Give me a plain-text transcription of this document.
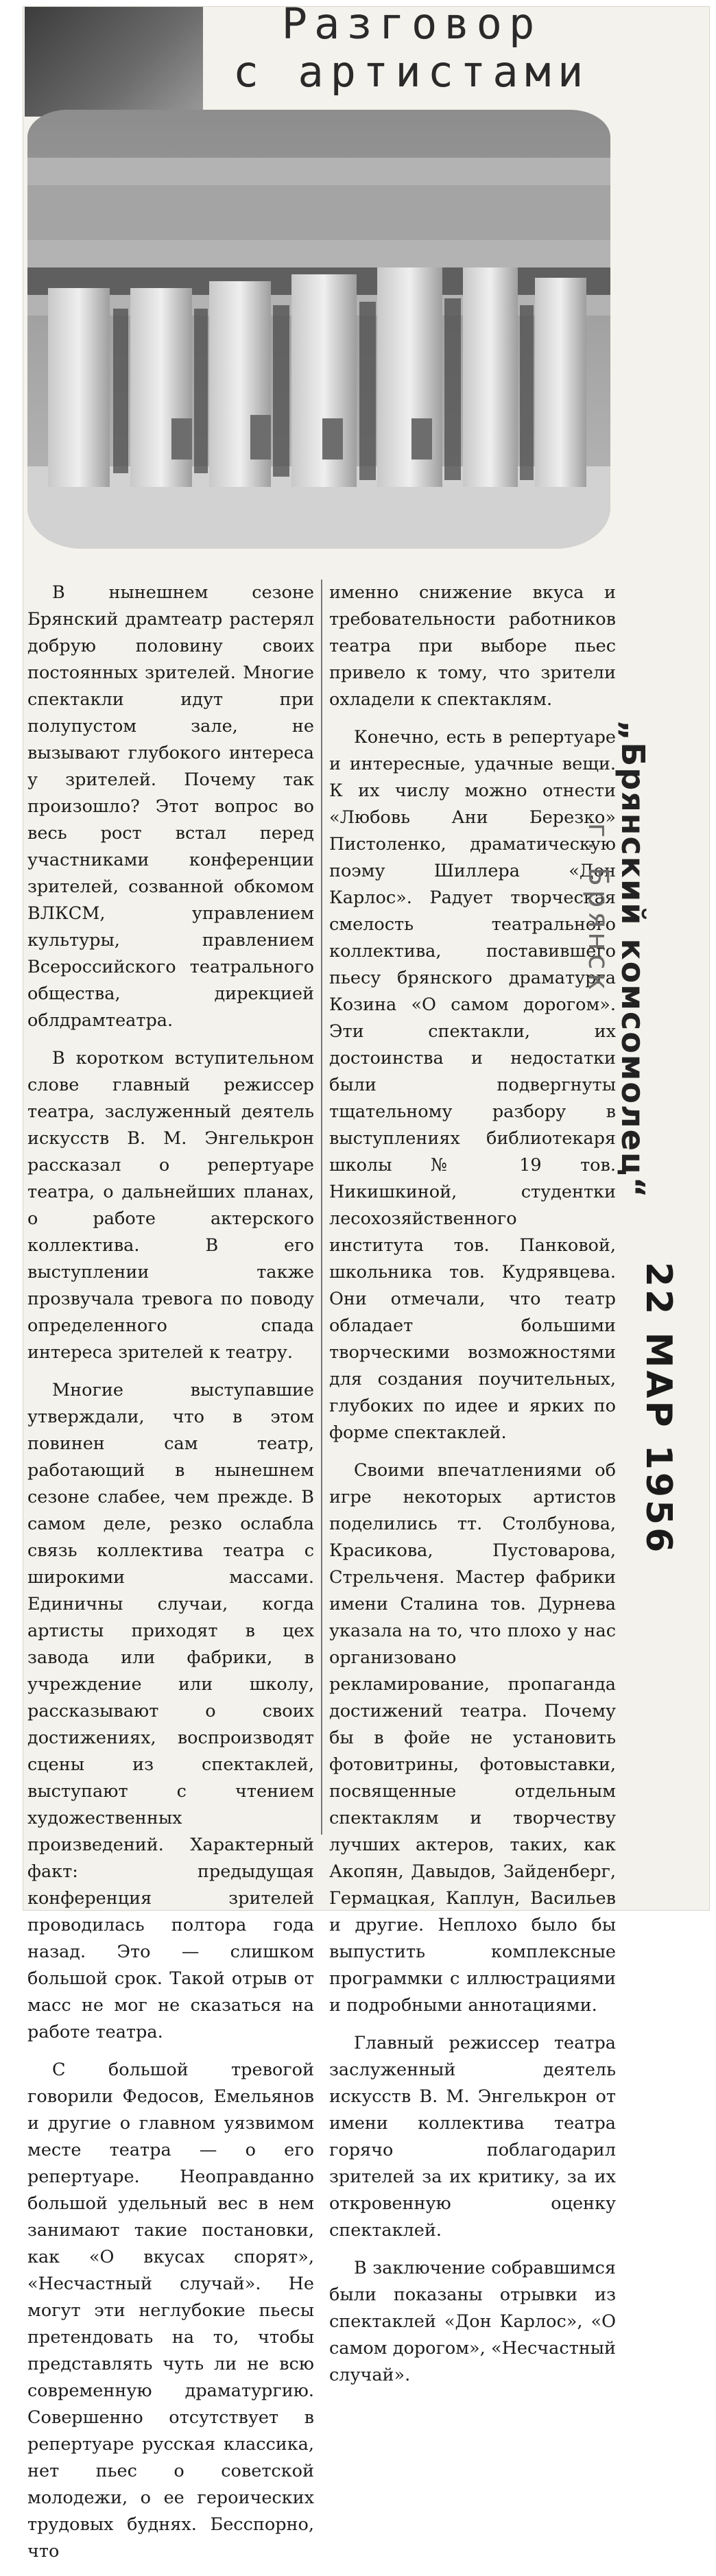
Разговор
с артистами

В нынешнем сезоне Брянский драмтеатр растерял добрую половину своих постоянных зрителей. Многие спектакли идут при полупустом зале, не вызывают глубокого интереса у зрителей. Почему так произошло? Этот вопрос во весь рост встал перед участниками конференции зрителей, созванной обкомом ВЛКСМ, управлением культуры, правлением Всероссийского театрального общества, дирекцией облдрамтеатра.

В коротком вступительном слове главный режиссер театра, заслуженный деятель искусств В. М. Энгелькрон рассказал о репертуаре театра, о дальнейших планах, о работе актерского коллектива. В его выступлении также прозвучала тревога по поводу определенного спада интереса зрителей к театру.

Многие выступавшие утверждали, что в этом повинен сам театр, работающий в нынешнем сезоне слабее, чем прежде. В самом деле, резко ослабла связь коллектива театра с широкими массами. Единичны случаи, когда артисты приходят в цех завода или фабрики, в учреждение или школу, рассказывают о своих достижениях, воспроизводят сцены из спектаклей, выступают с чтением художественных произведений. Характерный факт: предыдущая конференция зрителей проводилась полтора года назад. Это — слишком большой срок. Такой отрыв от масс не мог не сказаться на работе театра.

С большой тревогой говорили Федосов, Емельянов и другие о главном уязвимом месте театра — о его репертуаре. Неоправданно большой удельный вес в нем занимают такие постановки, как «О вкусах спорят», «Несчастный случай». Не могут эти неглубокие пьесы претендовать на то, чтобы представлять чуть ли не всю современную драматургию. Совершенно отсутствует в репертуаре русская классика, нет пьес о советской молодежи, о ее героических трудовых буднях. Бесспорно, что

именно снижение вкуса и требовательности работников театра при выборе пьес привело к тому, что зрители охладели к спектаклям.

Конечно, есть в репертуаре и интересные, удачные вещи. К их числу можно отнести «Любовь Ани Березко» Пистоленко, драматическую поэму Шиллера «Дон Карлос». Радует творческая смелость театрального коллектива, поставившего пьесу брянского драматурга Козина «О самом дорогом». Эти спектакли, их достоинства и недостатки были подвергнуты тщательному разбору в выступлениях библиотекаря школы № 19 тов. Никишкиной, студентки лесохозяйственного института тов. Панковой, школьника тов. Кудрявцева. Они отмечали, что театр обладает большими творческими возможностями для создания поучительных, глубоких по идее и ярких по форме спектаклей.

Своими впечатлениями об игре некоторых артистов поделились тт. Столбунова, Красикова, Пустоварова, Стрельченя. Мастер фабрики имени Сталина тов. Дурнева указала на то, что плохо у нас организовано рекламирование, пропаганда достижений театра. Почему бы в фойе не установить фотовитрины, фотовыставки, посвященные отдельным спектаклям и творчеству лучших актеров, таких, как Акопян, Давыдов, Зайденберг, Гермацкая, Каплун, Васильев и другие. Неплохо было бы выпустить комплексные программки с иллюстрациями и подробными аннотациями.

Главный режиссер театра заслуженный деятель искусств В. М. Энгелькрон от имени коллектива театра горячо поблагодарил зрителей за их критику, за их откровенную оценку спектаклей.

В заключение собравшимся были показаны отрывки из спектаклей «Дон Карлос», «О самом дорогом», «Несчастный случай».

„Брянский комсомолец“
г. Брянск
22 МАР 1956
